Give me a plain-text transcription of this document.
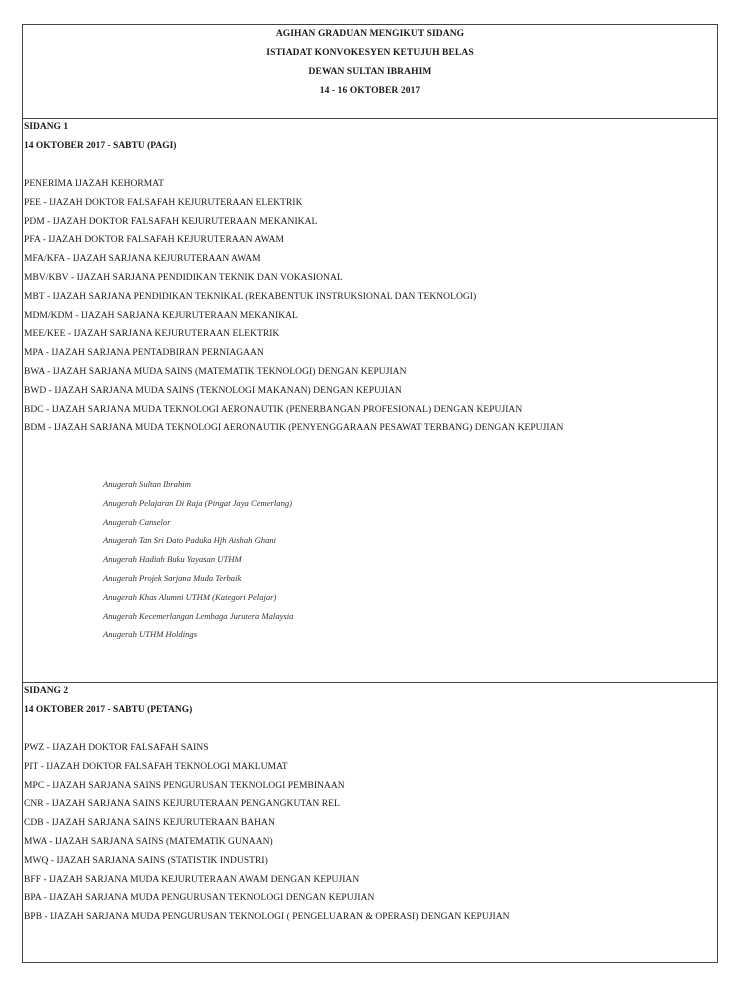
AGIHAN GRADUAN MENGIKUT SIDANG
ISTIADAT KONVOKESYEN KETUJUH BELAS
DEWAN SULTAN IBRAHIM
14 - 16 OKTOBER 2017
SIDANG 1
14 OKTOBER 2017 - SABTU (PAGI)
PENERIMA IJAZAH KEHORMAT
PEE - IJAZAH DOKTOR FALSAFAH KEJURUTERAAN ELEKTRIK
PDM - IJAZAH DOKTOR FALSAFAH KEJURUTERAAN MEKANIKAL
PFA - IJAZAH DOKTOR FALSAFAH KEJURUTERAAN AWAM
MFA/KFA - IJAZAH SARJANA KEJURUTERAAN AWAM
MBV/KBV - IJAZAH SARJANA PENDIDIKAN TEKNIK DAN VOKASIONAL
MBT - IJAZAH SARJANA PENDIDIKAN TEKNIKAL (REKABENTUK INSTRUKSIONAL DAN TEKNOLOGI)
MDM/KDM - IJAZAH SARJANA KEJURUTERAAN MEKANIKAL
MEE/KEE - IJAZAH SARJANA KEJURUTERAAN ELEKTRIK
MPA - IJAZAH SARJANA PENTADBIRAN PERNIAGAAN
BWA - IJAZAH SARJANA MUDA SAINS (MATEMATIK TEKNOLOGI) DENGAN KEPUJIAN
BWD - IJAZAH SARJANA MUDA SAINS (TEKNOLOGI MAKANAN) DENGAN KEPUJIAN
BDC - IJAZAH SARJANA MUDA TEKNOLOGI AERONAUTIK (PENERBANGAN PROFESIONAL) DENGAN KEPUJIAN
BDM - IJAZAH SARJANA MUDA TEKNOLOGI AERONAUTIK (PENYENGGARAAN PESAWAT TERBANG) DENGAN KEPUJIAN
Anugerah Sultan Ibrahim
Anugerah Pelajaran Di Raja (Pingat Jaya Cemerlang)
Anugerah Canselor
Anugerah Tan Sri Dato Paduka Hjh Aishah Ghani
Anugerah Hadiah Buku Yayasan UTHM
Anugerah Projek Sarjana Muda Terbaik
Anugerah Khas Alumni UTHM (Kategori Pelajar)
Anugerah Kecemerlangan Lembaga Jurutera Malaysia
Anugerah UTHM Holdings
SIDANG 2
14 OKTOBER 2017 - SABTU (PETANG)
PWZ - IJAZAH DOKTOR FALSAFAH SAINS
PIT - IJAZAH DOKTOR FALSAFAH TEKNOLOGI MAKLUMAT
MPC - IJAZAH SARJANA SAINS PENGURUSAN TEKNOLOGI PEMBINAAN
CNR - IJAZAH SARJANA SAINS KEJURUTERAAN PENGANGKUTAN REL
CDB - IJAZAH SARJANA SAINS KEJURUTERAAN BAHAN
MWA - IJAZAH SARJANA SAINS (MATEMATIK GUNAAN)
MWQ - IJAZAH SARJANA SAINS (STATISTIK INDUSTRI)
BFF - IJAZAH SARJANA MUDA KEJURUTERAAN AWAM DENGAN KEPUJIAN
BPA - IJAZAH SARJANA MUDA PENGURUSAN TEKNOLOGI DENGAN KEPUJIAN
BPB - IJAZAH SARJANA MUDA PENGURUSAN TEKNOLOGI ( PENGELUARAN & OPERASI) DENGAN KEPUJIAN
